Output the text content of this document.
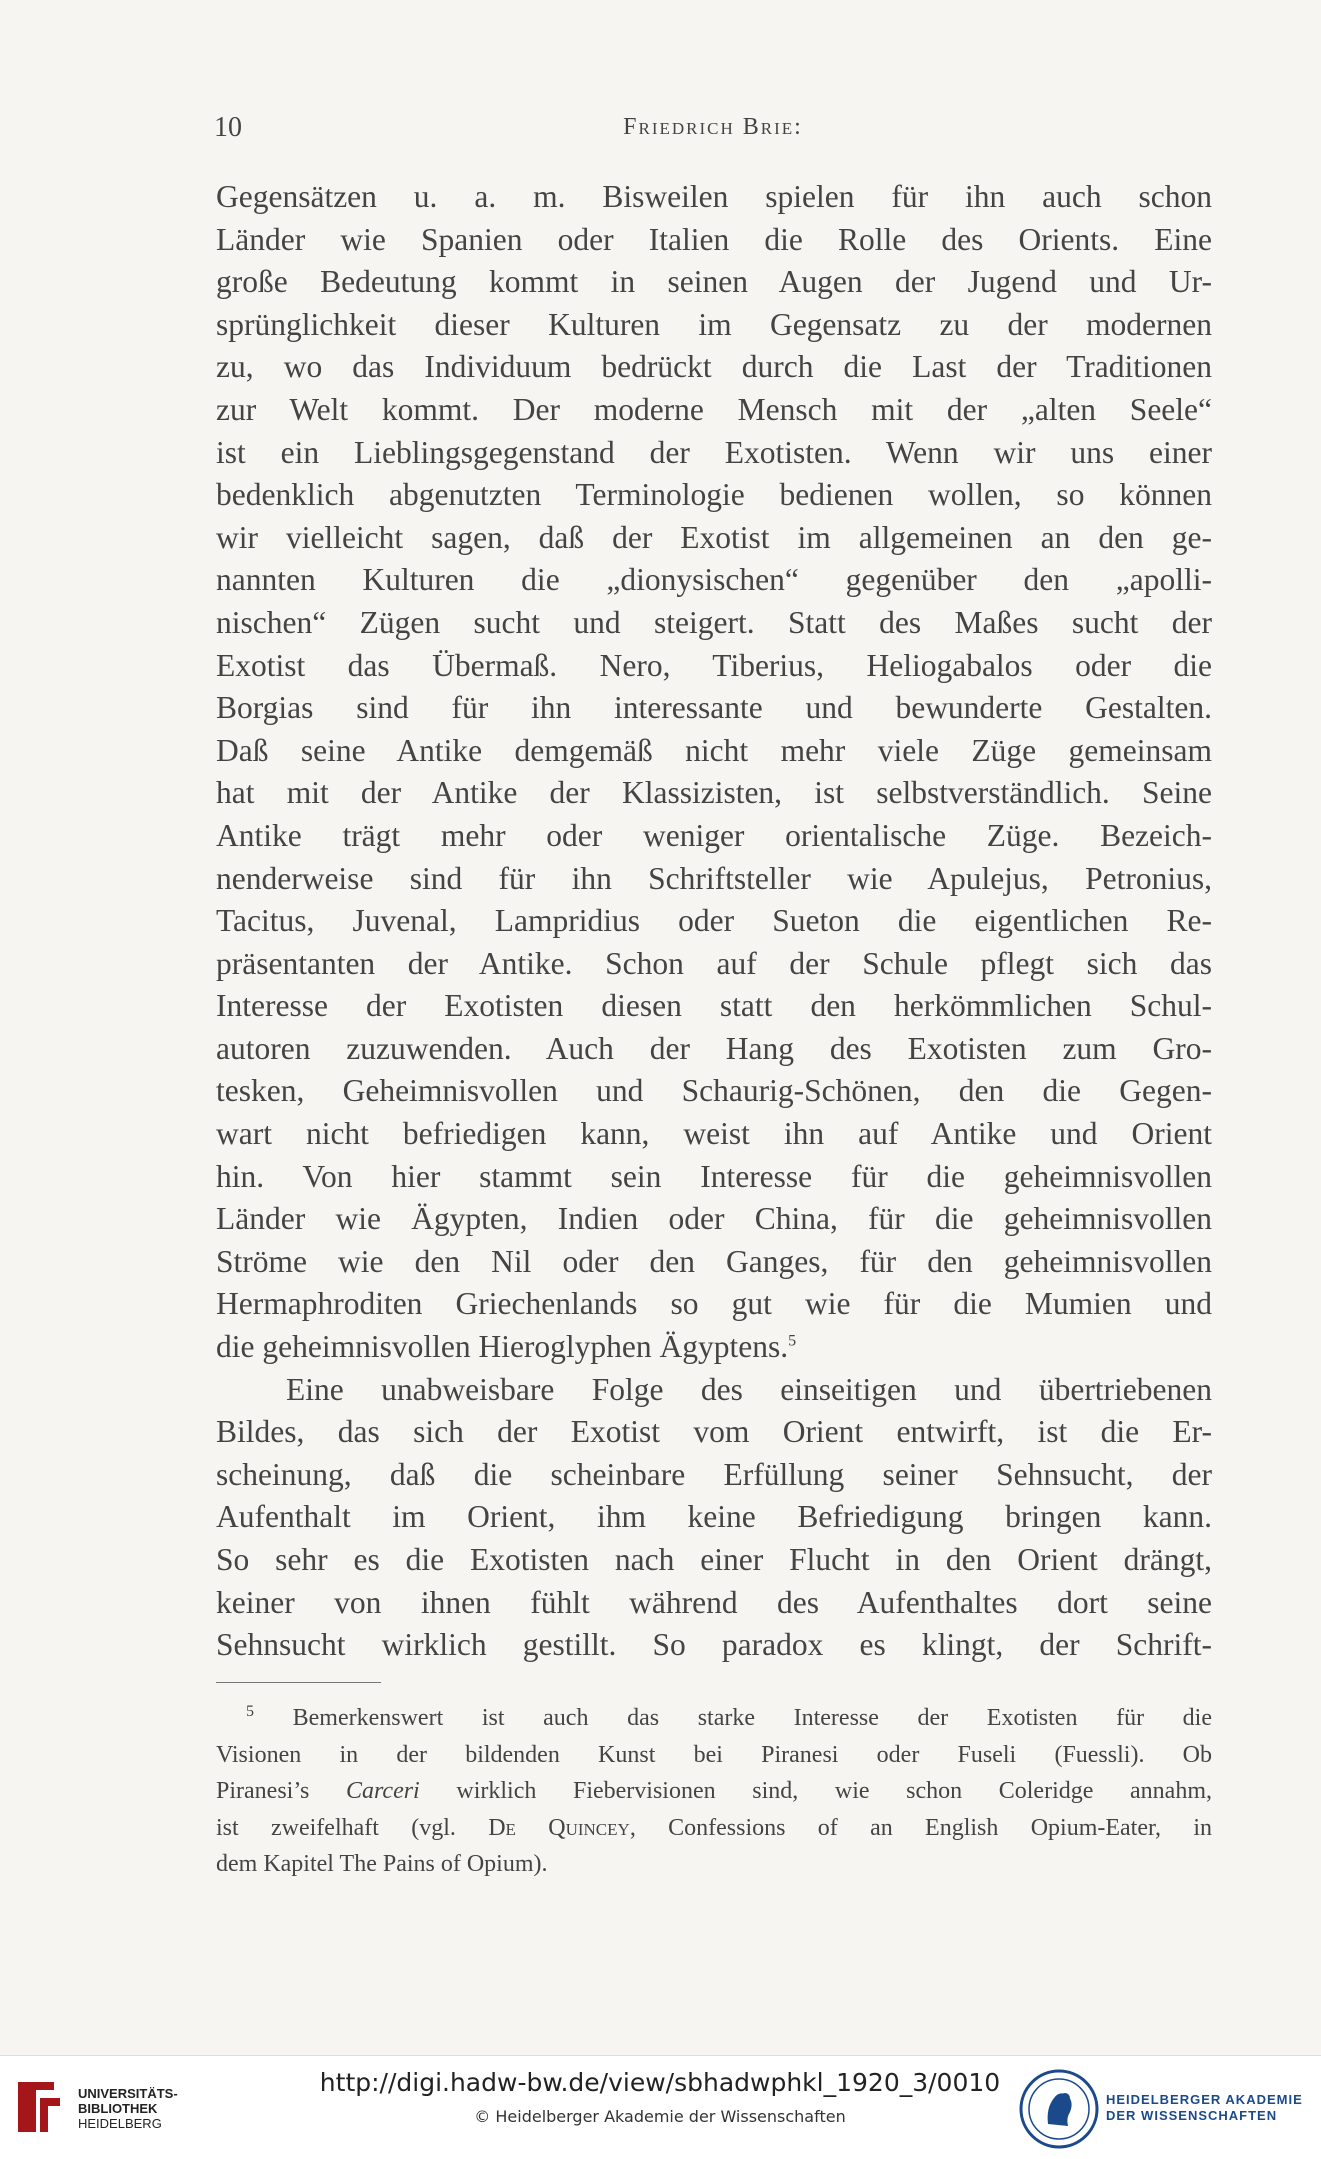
10	Friedrich Brie:
Gegensätzen u. a. m. Bisweilen spielen für ihn auch schon
Länder wie Spanien oder Italien die Rolle des Orients. Eine
große Bedeutung kommt in seinen Augen der Jugend und Ur-
sprünglichkeit dieser Kulturen im Gegensatz zu der modernen
zu, wo das Individuum bedrückt durch die Last der Traditionen
zur Welt kommt. Der moderne Mensch mit der „alten Seele“
ist ein Lieblingsgegenstand der Exotisten. Wenn wir uns einer
bedenklich abgenutzten Terminologie bedienen wollen, so können
wir vielleicht sagen, daß der Exotist im allgemeinen an den ge-
nannten Kulturen die „dionysischen“ gegenüber den „apolli-
nischen“ Zügen sucht und steigert. Statt des Maßes sucht der
Exotist das Übermaß. Nero, Tiberius, Heliogabalos oder die
Borgias sind für ihn interessante und bewunderte Gestalten.
Daß seine Antike demgemäß nicht mehr viele Züge gemeinsam
hat mit der Antike der Klassizisten, ist selbstverständlich. Seine
Antike trägt mehr oder weniger orientalische Züge. Bezeich-
nenderweise sind für ihn Schriftsteller wie Apulejus, Petronius,
Tacitus, Juvenal, Lampridius oder Sueton die eigentlichen Re-
präsentanten der Antike. Schon auf der Schule pflegt sich das
Interesse der Exotisten diesen statt den herkömmlichen Schul-
autoren zuzuwenden. Auch der Hang des Exotisten zum Gro-
tesken, Geheimnisvollen und Schaurig-Schönen, den die Gegen-
wart nicht befriedigen kann, weist ihn auf Antike und Orient
hin. Von hier stammt sein Interesse für die geheimnisvollen
Länder wie Ägypten, Indien oder China, für die geheimnisvollen
Ströme wie den Nil oder den Ganges, für den geheimnisvollen
Hermaphroditen Griechenlands so gut wie für die Mumien und
die geheimnisvollen Hieroglyphen Ägyptens.$^5$
Eine unabweisbare Folge des einseitigen und übertriebenen
Bildes, das sich der Exotist vom Orient entwirft, ist die Er-
scheinung, daß die scheinbare Erfüllung seiner Sehnsucht, der
Aufenthalt im Orient, ihm keine Befriedigung bringen kann.
So sehr es die Exotisten nach einer Flucht in den Orient drängt,
keiner von ihnen fühlt während des Aufenthaltes dort seine
Sehnsucht wirklich gestillt. So paradox es klingt, der Schrift-
$^5$ Bemerkenswert ist auch das starke Interesse der Exotisten für die
Visionen in der bildenden Kunst bei Piranesi oder Fuseli (Fuessli). Ob
Piranesi’s Carceri wirklich Fiebervisionen sind, wie schon Coleridge annahm,
ist zweifelhaft (vgl. De Quincey, Confessions of an English Opium-Eater, in
dem Kapitel The Pains of Opium).
UNIVERSITÄTS-
BIBLIOTHEK
HEIDELBERG
http://digi.hadw-bw.de/view/sbhadwphkl_1920_3/0010
© Heidelberger Akademie der Wissenschaften
HEIDELBERGER AKADEMIE
DER WISSENSCHAFTEN
